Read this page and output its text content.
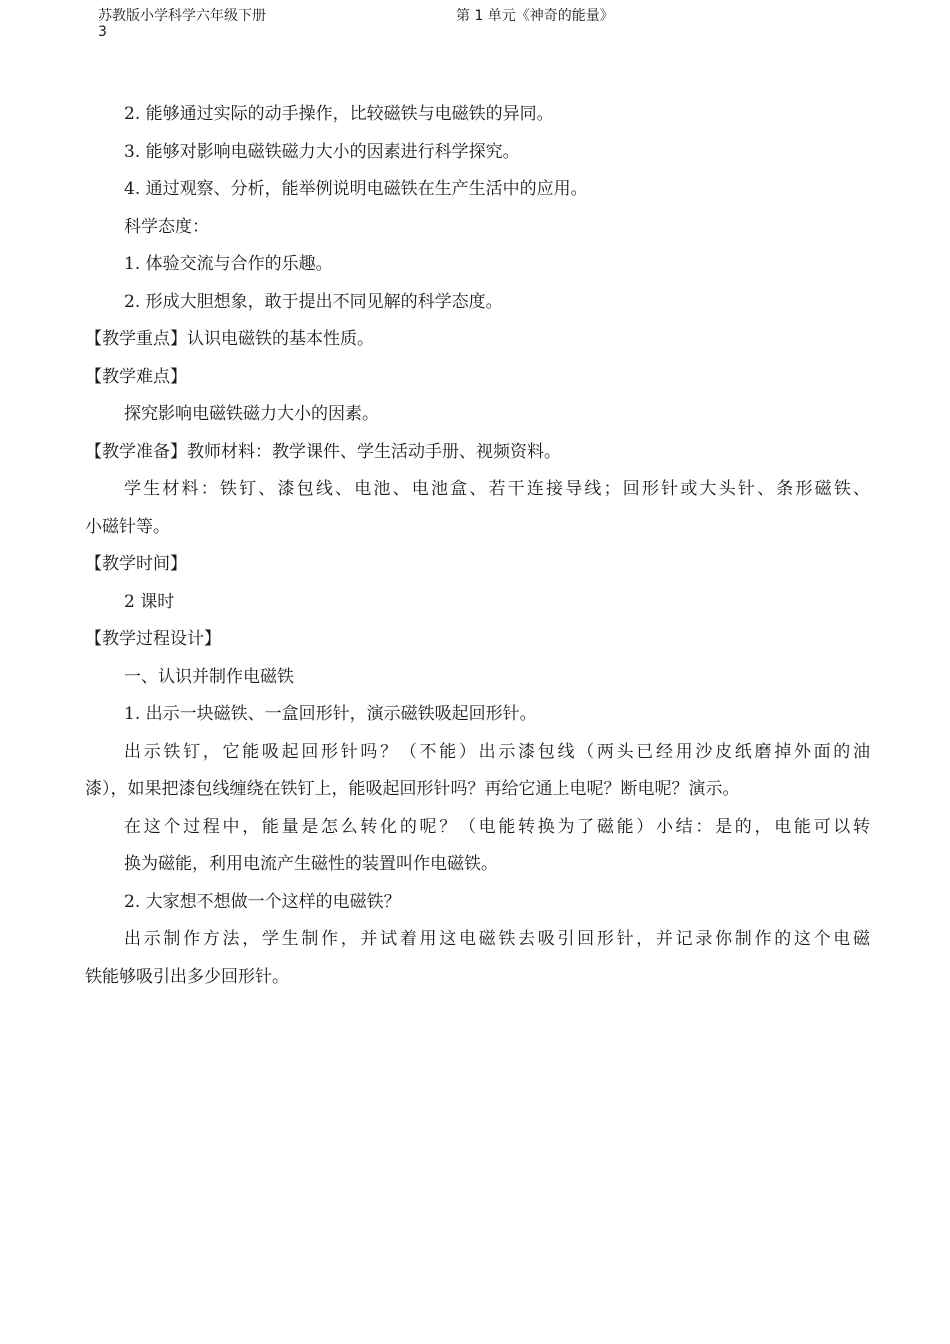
苏教版小学科学六年级下册
3
第 1 单元《神奇的能量》
2. 能够通过实际的动手操作，比较磁铁与电磁铁的异同。
3. 能够对影响电磁铁磁力大小的因素进行科学探究。
4. 通过观察、分析，能举例说明电磁铁在生产生活中的应用。
科学态度：
1. 体验交流与合作的乐趣。
2. 形成大胆想象，敢于提出不同见解的科学态度。
【教学重点】认识电磁铁的基本性质。
【教学难点】
探究影响电磁铁磁力大小的因素。
【教学准备】教师材料：教学课件、学生活动手册、视频资料。
学生材料：铁钉、漆包线、电池、电池盒、若干连接导线；回形针或大头针、条形磁铁、
小磁针等。
【教学时间】
2 课时
【教学过程设计】
一、认识并制作电磁铁
1. 出示一块磁铁、一盒回形针，演示磁铁吸起回形针。
出示铁钉，它能吸起回形针吗？（不能）出示漆包线（两头已经用沙皮纸磨掉外面的油
漆），如果把漆包线缠绕在铁钉上，能吸起回形针吗？再给它通上电呢？断电呢？演示。
在这个过程中，能量是怎么转化的呢？（电能转换为了磁能）小结：是的，电能可以转
换为磁能，利用电流产生磁性的装置叫作电磁铁。
2. 大家想不想做一个这样的电磁铁？
出示制作方法，学生制作，并试着用这电磁铁去吸引回形针，并记录你制作的这个电磁
铁能够吸引出多少回形针。
